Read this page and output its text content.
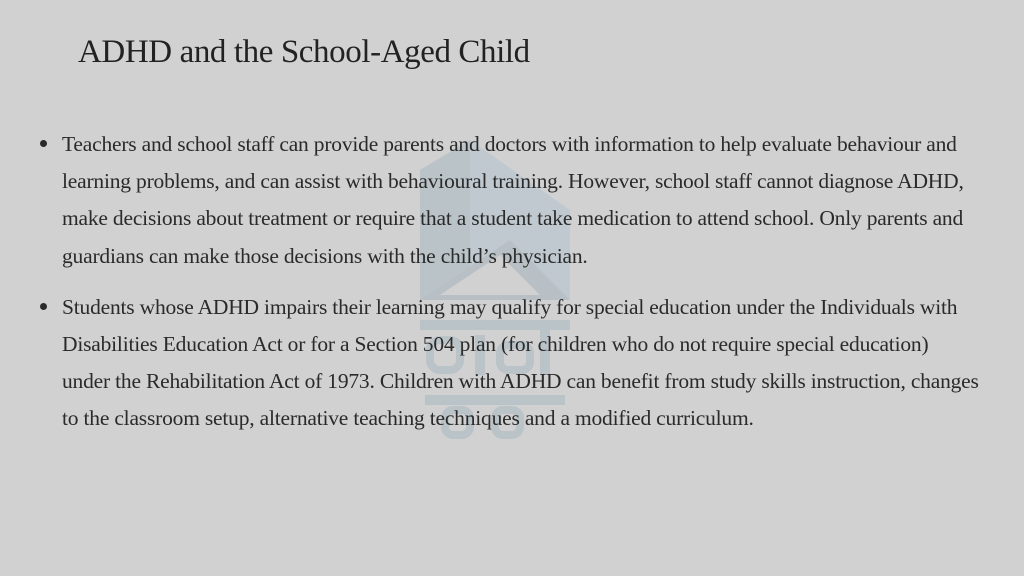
ADHD and the School-Aged Child
Teachers and school staff can provide parents and doctors with information to help evaluate behaviour and learning problems, and can assist with behavioural training. However, school staff cannot diagnose ADHD, make decisions about treatment or require that a student take medication to attend school. Only parents and guardians can make those decisions with the child’s physician.
Students whose ADHD impairs their learning may qualify for special education under the Individuals with Disabilities Education Act or for a Section 504 plan (for children who do not require special education) under the Rehabilitation Act of 1973. Children with ADHD can benefit from study skills instruction, changes to the classroom setup, alternative teaching techniques and a modified curriculum.
